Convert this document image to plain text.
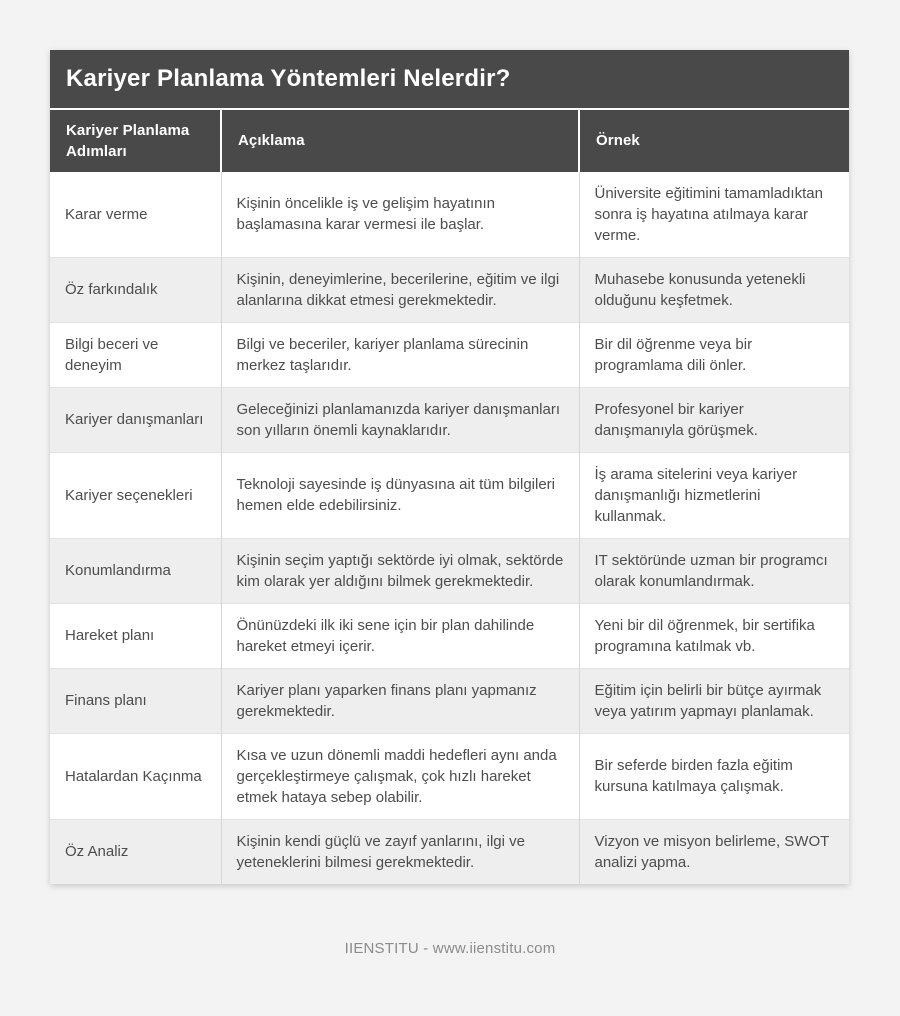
Kariyer Planlama Yöntemleri Nelerdir?
Kariyer Planlama Adımları	Açıklama	Örnek
Karar verme	Kişinin öncelikle iş ve gelişim hayatının başlamasına karar vermesi ile başlar.	Üniversite eğitimini tamamladıktan sonra iş hayatına atılmaya karar verme.
Öz farkındalık	Kişinin, deneyimlerine, becerilerine, eğitim ve ilgi alanlarına dikkat etmesi gerekmektedir.	Muhasebe konusunda yetenekli olduğunu keşfetmek.
Bilgi beceri ve deneyim	Bilgi ve beceriler, kariyer planlama sürecinin merkez taşlarıdır.	Bir dil öğrenme veya bir programlama dili önler.
Kariyer danışmanları	Geleceğinizi planlamanızda kariyer danışmanları son yılların önemli kaynaklarıdır.	Profesyonel bir kariyer danışmanıyla görüşmek.
Kariyer seçenekleri	Teknoloji sayesinde iş dünyasına ait tüm bilgileri hemen elde edebilirsiniz.	İş arama sitelerini veya kariyer danışmanlığı hizmetlerini kullanmak.
Konumlandırma	Kişinin seçim yaptığı sektörde iyi olmak, sektörde kim olarak yer aldığını bilmek gerekmektedir.	IT sektöründe uzman bir programcı olarak konumlandırmak.
Hareket planı	Önünüzdeki ilk iki sene için bir plan dahilinde hareket etmeyi içerir.	Yeni bir dil öğrenmek, bir sertifika programına katılmak vb.
Finans planı	Kariyer planı yaparken finans planı yapmanız gerekmektedir.	Eğitim için belirli bir bütçe ayırmak veya yatırım yapmayı planlamak.
Hatalardan Kaçınma	Kısa ve uzun dönemli maddi hedefleri aynı anda gerçekleştirmeye çalışmak, çok hızlı hareket etmek hataya sebep olabilir.	Bir seferde birden fazla eğitim kursuna katılmaya çalışmak.
Öz Analiz	Kişinin kendi güçlü ve zayıf yanlarını, ilgi ve yeteneklerini bilmesi gerekmektedir.	Vizyon ve misyon belirleme, SWOT analizi yapma.
IIENSTITU - www.iienstitu.com
